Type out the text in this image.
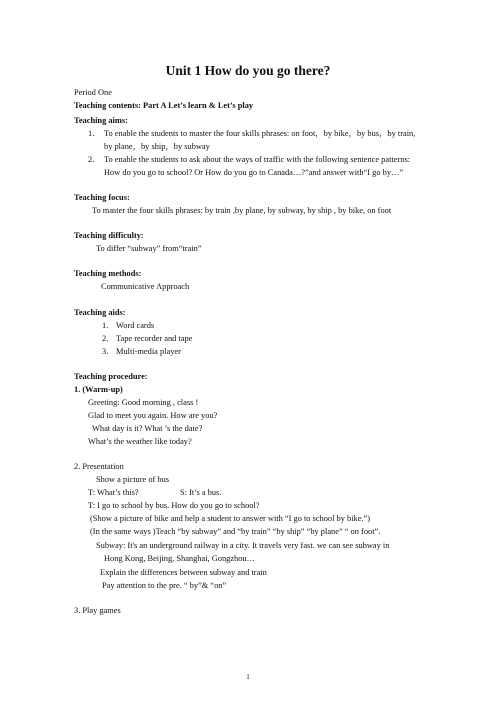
Unit 1 How do you go there?
Period One
Teaching contents: Part A Let’s learn & Let’s play
Teaching aims:
1． To enable the students to master the four skills phrases: on foot，by bike，by bus，by train,
by plane，by ship，by subway
2． To enable the students to ask about the ways of traffic with the following sentence patterns:
How do you go to school? Or How do you go to Canada…?”and answer with“I go by…”
Teaching focus:
To master the four skills phrases: by train ,by plane, by subway, by ship , by bike, on foot
Teaching difficulty:
To differ “subway” from“train”
Teaching methods:
Communicative Approach
Teaching aids:
1. Word cards
2. Tape recorder and tape
3. Multi-media player
Teaching procedure:
1. (Warm-up)
Greeting: Good morning , class !
Glad to meet you again. How are you?
What day is it? What ’s the date?
What’s the weather like today?
2. Presentation
Show a picture of bus
T: What’s this?	S: It’s a bus.
T: I go to school by bus. How do you go to school?
(Show a picture of bike and help a student to answer with “I go to school by bike.”)
(In the same ways )Teach “by subway” and “by train” “by ship” “by plane” “ on foot”.
Subway: It's an underground railway in a city. It travels very fast. we can see subway in
Hong Kong, Beijing, Shanghai, Gongzhou…
Explain the differences between subway and train
Pay attention to the pre. “ by”& “on”
3. Play games
1
